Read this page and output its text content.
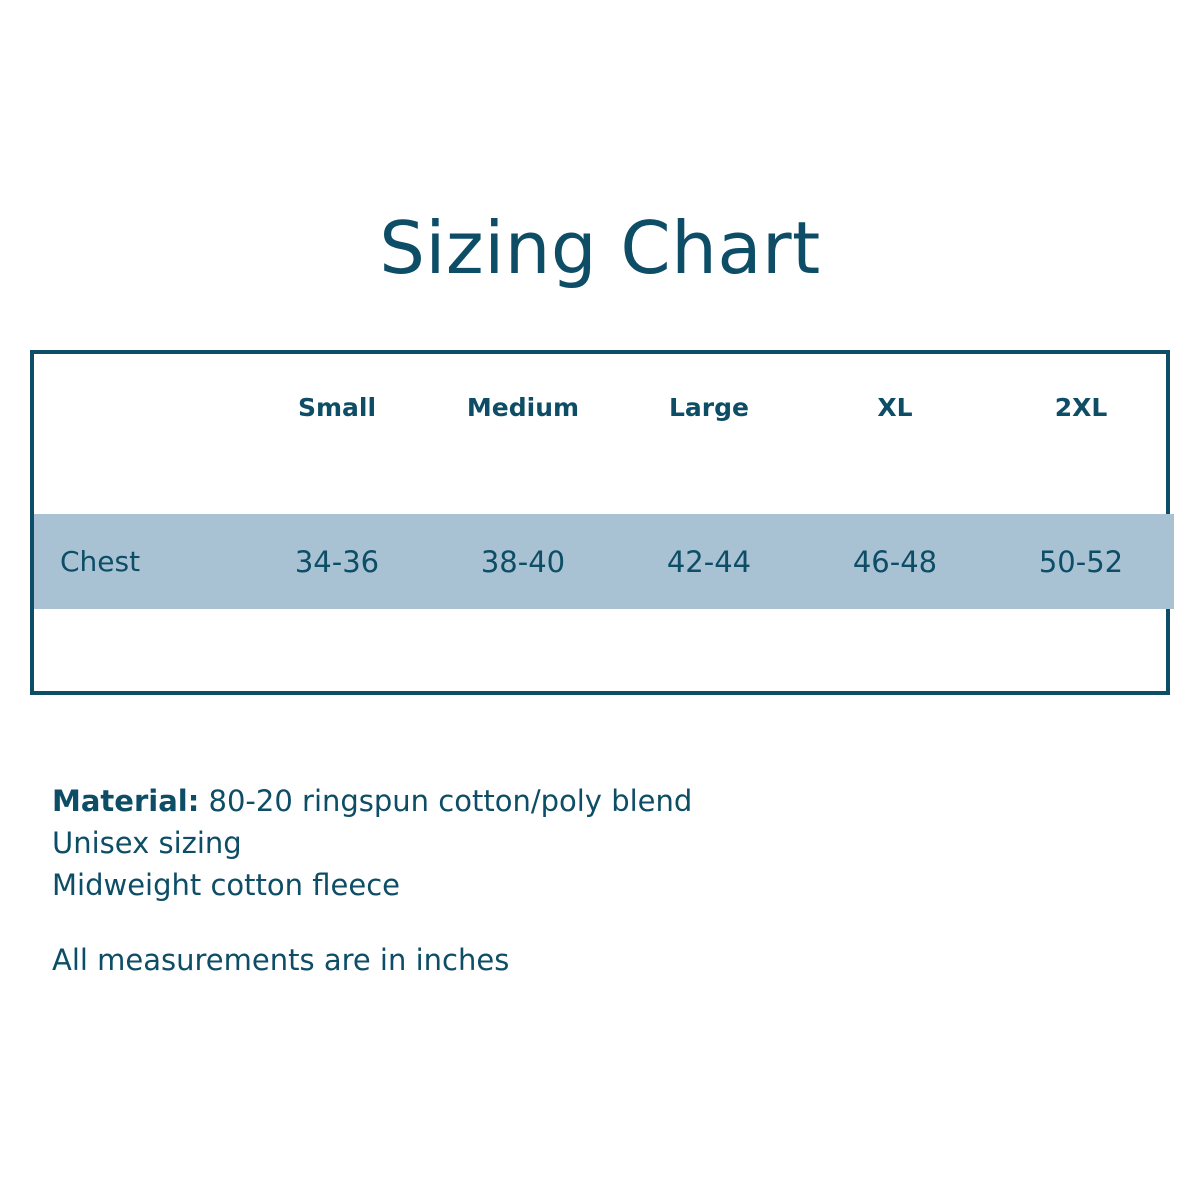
Sizing Chart
	Small	Medium	Large	XL	2XL

Chest	34-36	38-40	42-44	46-48	50-52

Material: 80-20 ringspun cotton/poly blend
Unisex sizing
Midweight cotton fleece
All measurements are in inches
